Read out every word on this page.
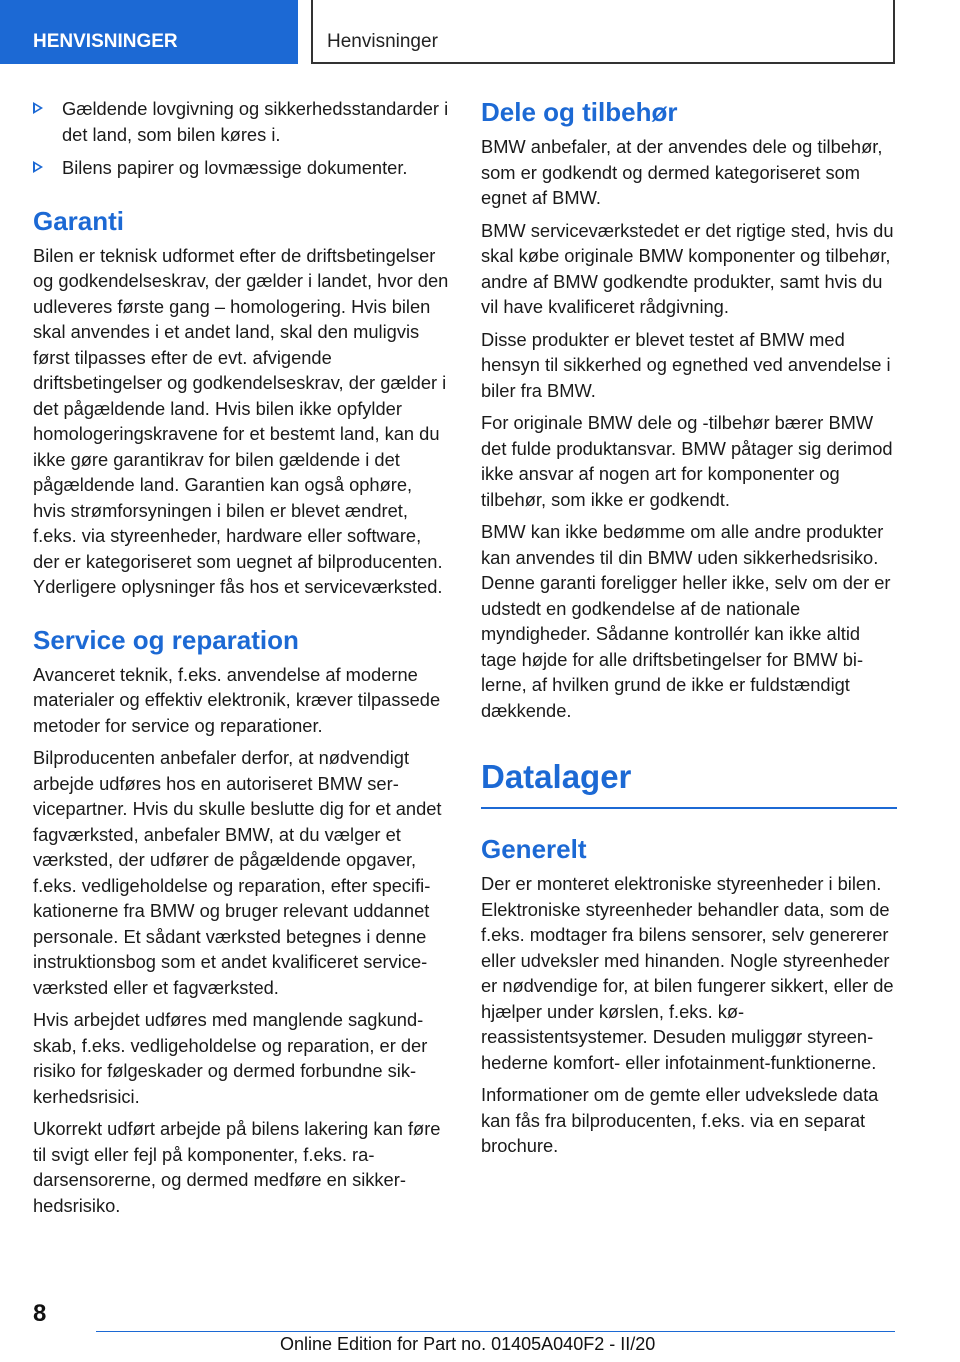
HENVISNINGER	Henvisninger
Gældende lovgivning og sikkerhedsstandarder i det land, som bilen køres i.
Bilens papirer og lovmæssige dokumenter.
Garanti

Bilen er teknisk udformet efter de driftsbetingelser og godkendelseskrav, der gælder i landet, hvor den udleveres første gang – homologering. Hvis bilen skal anvendes i et andet land, skal den muligvis først tilpasses efter de evt. afvigende driftsbetingelser og godkendelseskrav, der gælder i det pågældende land. Hvis bilen ikke opfylder homologeringskravene for et bestemt land, kan du ikke gøre garantikrav for bilen gældende i det pågældende land. Garantien kan også ophøre, hvis strømforsyningen i bilen er blevet ændret, f.eks. via styreenheder, hardware eller software, der er kategoriseret som uegnet af bilproducenten. Yderligere oplysninger fås hos et serviceværksted.

Service og reparation

Avanceret teknik, f.eks. anvendelse af moderne materialer og effektiv elektronik, kræver tilpassede metoder for service og reparationer.

Bilproducenten anbefaler derfor, at nødvendigt arbejde udføres hos en autoriseret BMW servicepartner. Hvis du skulle beslutte dig for et andet fagværksted, anbefaler BMW, at du vælger et værksted, der udfører de pågældende opgaver, f.eks. vedligeholdelse og reparation, efter specifikationerne fra BMW og bruger relevant uddannet personale. Et sådant værksted betegnes i denne instruktionsbog som et andet kvalificeret serviceværksted eller et fagværksted.

Hvis arbejdet udføres med manglende sagkundskab, f.eks. vedligeholdelse og reparation, er der risiko for følgeskader og dermed forbundne sikkerhedsrisici.

Ukorrekt udført arbejde på bilens lakering kan føre til svigt eller fejl på komponenter, f.eks. radarsensorerne, og dermed medføre en sikkerhedsrisiko.

Dele og tilbehør

BMW anbefaler, at der anvendes dele og tilbehør, som er godkendt og dermed kategoriseret som egnet af BMW.

BMW serviceværkstedet er det rigtige sted, hvis du skal købe originale BMW komponenter og tilbehør, andre af BMW godkendte produkter, samt hvis du vil have kvalificeret rådgivning.

Disse produkter er blevet testet af BMW med hensyn til sikkerhed og egnethed ved anvendelse i biler fra BMW.

For originale BMW dele og -tilbehør bærer BMW det fulde produktansvar. BMW påtager sig derimod ikke ansvar af nogen art for komponenter og tilbehør, som ikke er godkendt.

BMW kan ikke bedømme om alle andre produkter kan anvendes til din BMW uden sikkerhedsrisiko. Denne garanti foreligger heller ikke, selv om der er udstedt en godkendelse af de nationale myndigheder. Sådanne kontrollér kan ikke altid tage højde for alle driftsbetingelser for BMW bilerne, af hvilken grund de ikke er fuldstændigt dækkende.

Datalager
Generelt

Der er monteret elektroniske styreenheder i bilen. Elektroniske styreenheder behandler data, som de f.eks. modtager fra bilens sensorer, selv genererer eller udveksler med hinanden. Nogle styreenheder er nødvendige for, at bilen fungerer sikkert, eller de hjælper under kørslen, f.eks. køreassistentsystemer. Desuden muliggør styreenhederne komfort- eller infotainment-funktionerne.

Informationer om de gemte eller udvekslede data kan fås fra bilproducenten, f.eks. via en separat brochure.

8
Online Edition for Part no. 01405A040F2 - II/20
